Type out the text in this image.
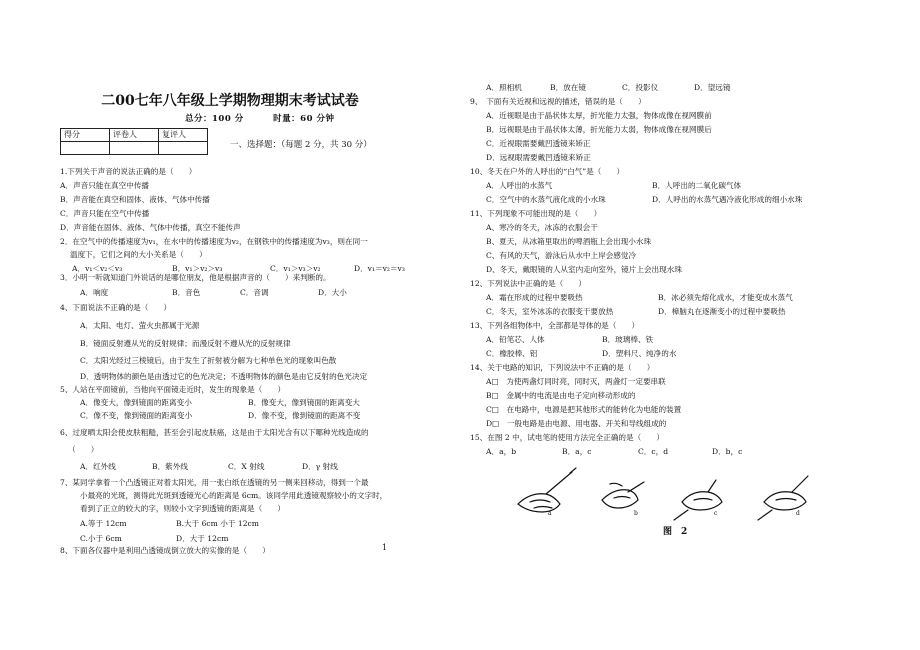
二00七年八年级上学期物理期末考试试卷
总分：100 分	时量：60 分钟
得分	评卷人	复评人

一、选择题：（每题 2 分，共 30 分）
1.下列关于声音的说法正确的是（　　）
A．声音只能在真空中传播
B．声音能在真空和固体、液体、气体中传播
C．声音只能在空气中传播
D．声音能在固体、液体、气体中传播，真空不能传声
2．在空气中的传播速度为v₁，在水中的传播速度为v₂，在钢铁中的传播速度为v₃，则在同一
温度下，它们之间的大小关系是（　　）
A．v₁＜v₂＜v₃	B．v₁＞v₂＞v₃	C．v₁＞v₃＞v₂	D．v₁＝v₂＝v₃
3．小明一听就知道门外说话的是哪位朋友，他是根据声音的（　　）来判断的。
A．响度	B．音色	C．音调	D．大小
4、下面说法不正确的是（　　）
A．太阳、电灯、萤火虫都属于光源
B．镜面反射遵从光的反射规律；而漫反射不遵从光的反射规律
C．太阳光经过三棱镜后，由于发生了折射被分解为七种单色光的现象叫色散
D．透明物体的颜色是由透过它的色光决定；不透明物体的颜色是由它反射的色光决定
5、人站在平面镜前，当他向平面镜走近时，发生的现象是（　　）
A．像变大，像到镜面的距离变小	B．像变大，像到镜面的距离变大
C．像不变，像到镜面的距离变小	D．像不变，像到镜面的距离不变
6、过度晒太阳会使皮肤粗糙，甚至会引起皮肤癌，这是由于太阳光含有以下哪种光线造成的
（　　）
A．红外线	B．紫外线	C．X 射线	D．γ 射线
7、某同学拿着一个凸透镜正对着太阳光，用一张白纸在透镜的另一侧来回移动，得到一个最
小最亮的光斑，测得此光斑到透镜光心的距离是 6cm。该同学用此透镜观察较小的文字时，
看到了正立的较大的字，则较小文字到透镜的距离是（　　）
A.等于 12cm	B.大于 6cm 小于 12cm
C.小于 6cm	D．大于 12cm
8、下面各仪器中是利用凸透镜成倒立放大的实像的是（　　）	1
A．照相机	B．放在镜	C．投影仪	D．望远镜
9、　下面有关近视和远视的描述，错误的是（　　）
A．近视眼是由于晶状体太厚，折光能力太强，物体成像在视网膜前
B．远视眼是由于晶状体太薄，折光能力太弱，物体成像在视网膜后
C．近视眼需要戴凹透镜来矫正
D．远视眼需要戴凹透镜来矫正
10、冬天在户外的人呼出的“白气”是（　　）
A．人呼出的水蒸气	B．人呼出的二氧化碳气体
C．空气中的水蒸气液化成的小水珠	D．人呼出的水蒸气遇冷液化形成的细小水珠
11、下列现象不可能出现的是（　　）
A、寒冷的冬天，冰冻的衣服会干
B、夏天，从冰箱里取出的啤酒瓶上会出现小水珠
C、有风的天气，游泳后从水中上岸会感觉冷
D、冬天，戴眼镜的人从室内走向室外，镜片上会出现水珠
12、下列说法中正确的是（　　）
A．霜在形成的过程中要吸热	B．冰必须先熔化成水，才能变成水蒸气
C．冬天，室外冰冻的衣服变干要放热	D．樟脑丸在逐渐变小的过程中要吸热
13、下列各组物体中，全部都是导体的是（　　）
A．铅笔芯、人体	B．玻璃棒、铁
C．橡胶棒、铝	D．塑料尺、纯净的水
14、关于电路的知识，下列说法中不正确的是（　　）
A□　为使两盏灯同时亮，同时灭，两盏灯一定要串联
B□　金属中的电流是由电子定向移动形成的
C□　在电路中，电源是把其他形式的能转化为电能的装置
D□　一般电路是由电源、用电器、开关和导线组成的
15、在图 2 中，试电笔的使用方法完全正确的是（　　）
A．a，b	B．a，c	C．c，d	D．b，c
a	b	c	d
图　2
